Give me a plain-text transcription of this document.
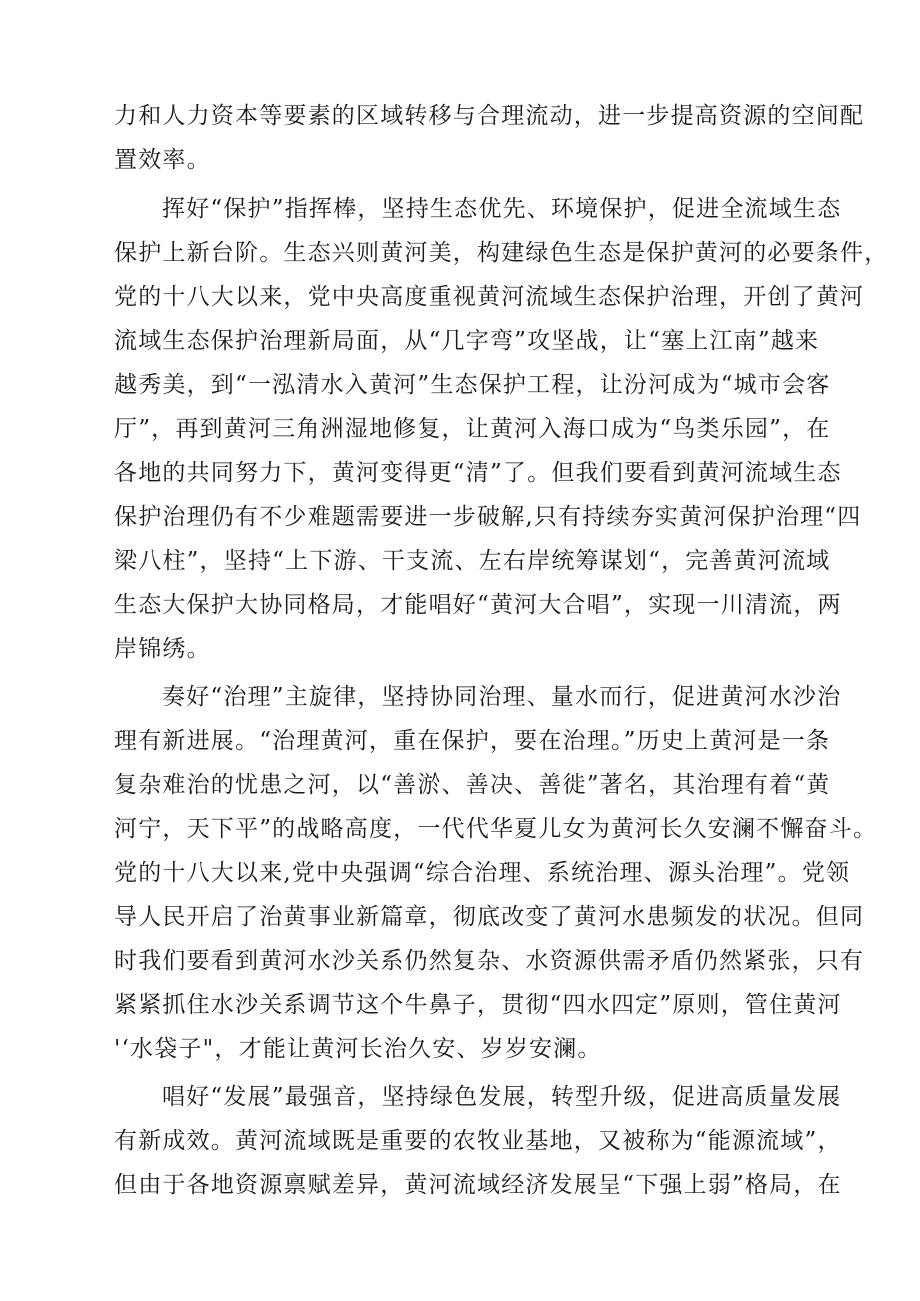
力和人力资本等要素的区域转移与合理流动，进一步提高资源的空间配
置效率。
挥好“保护”指挥棒，坚持生态优先、环境保护，促进全流域生态
保护上新台阶。生态兴则黄河美，构建绿色生态是保护黄河的必要条件，
党的十八大以来，党中央高度重视黄河流域生态保护治理，开创了黄河
流域生态保护治理新局面，从“几字弯”攻坚战，让“塞上江南”越来
越秀美，到“一泓清水入黄河”生态保护工程，让汾河成为“城市会客
厅”，再到黄河三角洲湿地修复，让黄河入海口成为“鸟类乐园”，在
各地的共同努力下，黄河变得更“清”了。但我们要看到黄河流域生态
保护治理仍有不少难题需要进一步破解,只有持续夯实黄河保护治理“四
梁八柱”，坚持“上下游、干支流、左右岸统筹谋划“，完善黄河流域
生态大保护大协同格局，才能唱好“黄河大合唱”，实现一川清流，两
岸锦绣。
奏好“治理”主旋律，坚持协同治理、量水而行，促进黄河水沙治
理有新进展。“治理黄河，重在保护，要在治理。”历史上黄河是一条
复杂难治的忧患之河，以“善淤、善决、善徙”著名，其治理有着“黄
河宁，天下平”的战略高度，一代代华夏儿女为黄河长久安澜不懈奋斗。
党的十八大以来,党中央强调“综合治理、系统治理、源头治理”。党领
导人民开启了治黄事业新篇章，彻底改变了黄河水患频发的状况。但同
时我们要看到黄河水沙关系仍然复杂、水资源供需矛盾仍然紧张，只有
紧紧抓住水沙关系调节这个牛鼻子，贯彻“四水四定”原则，管住黄河
'‘水袋子"，才能让黄河长治久安、岁岁安澜。
唱好“发展”最强音，坚持绿色发展，转型升级，促进高质量发展
有新成效。黄河流域既是重要的农牧业基地，又被称为“能源流域”，
但由于各地资源禀赋差异，黄河流域经济发展呈“下强上弱”格局，在
